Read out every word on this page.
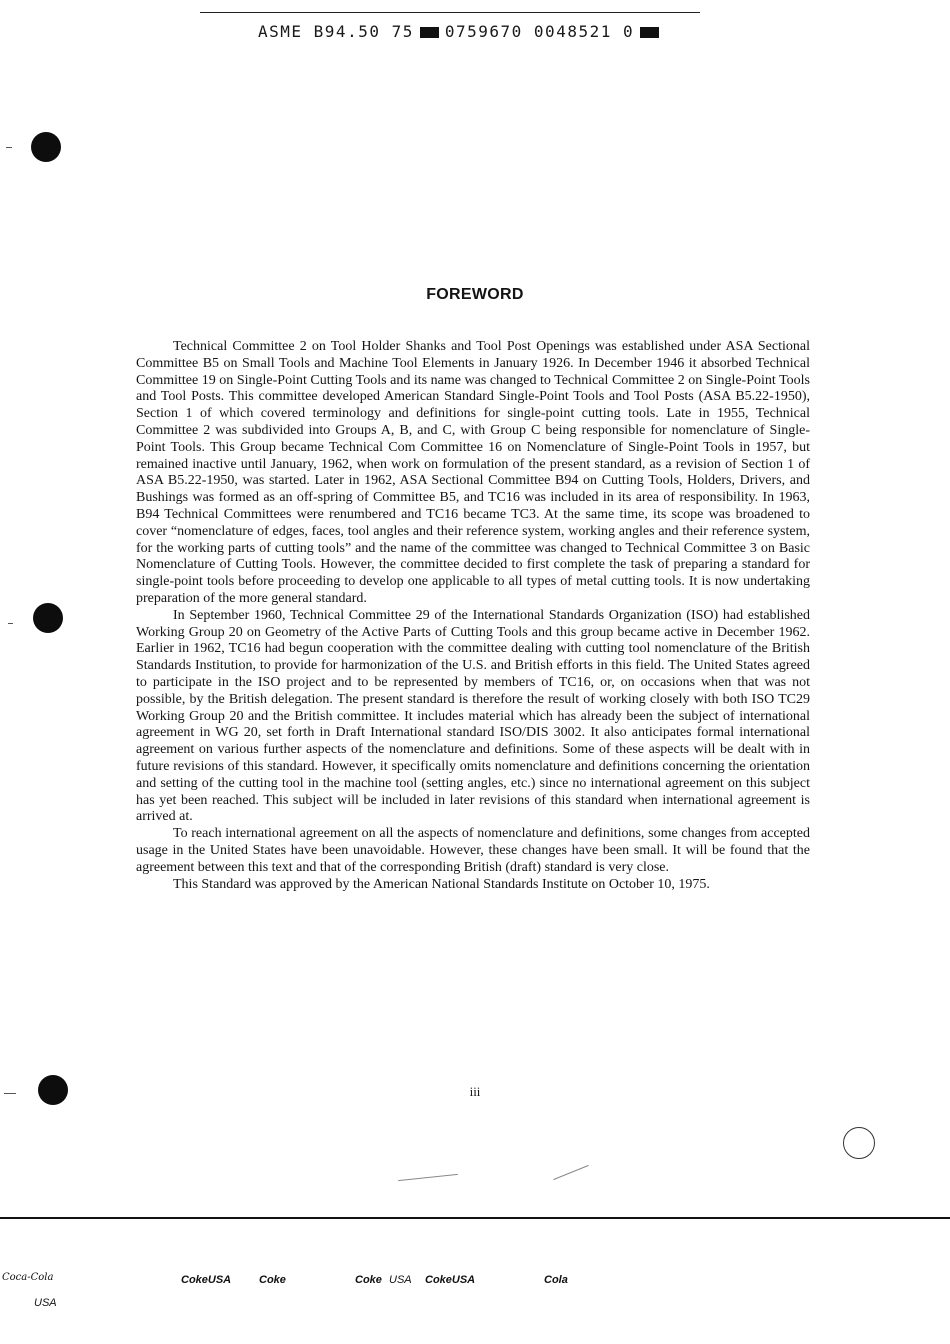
ASME B94.50 75 0759670 0048521 0
FOREWORD

Technical Committee 2 on Tool Holder Shanks and Tool Post Openings was established under ASA Sectional Committee B5 on Small Tools and Machine Tool Elements in January 1926. In December 1946 it absorbed Technical Committee 19 on Single-Point Cutting Tools and its name was changed to Technical Committee 2 on Single-Point Tools and Tool Posts. This committee developed American Standard Single-Point Tools and Tool Posts (ASA B5.22-1950), Section 1 of which covered terminology and definitions for single-point cutting tools. Late in 1955, Technical Committee 2 was subdivided into Groups A, B, and C, with Group C being responsible for nomenclature of Single-Point Tools. This Group became Technical Com Committee 16 on Nomenclature of Single-Point Tools in 1957, but remained inactive until January, 1962, when work on formulation of the present standard, as a revision of Section 1 of ASA B5.22-1950, was started. Later in 1962, ASA Sectional Committee B94 on Cutting Tools, Holders, Drivers, and Bushings was formed as an off-spring of Committee B5, and TC16 was included in its area of responsibility. In 1963, B94 Technical Committees were renumbered and TC16 became TC3. At the same time, its scope was broadened to cover “nomenclature of edges, faces, tool angles and their reference system, working angles and their reference system, for the working parts of cutting tools” and the name of the committee was changed to Technical Committee 3 on Basic Nomenclature of Cutting Tools. However, the committee decided to first complete the task of preparing a standard for single-point tools before proceeding to develop one applicable to all types of metal cutting tools. It is now undertaking preparation of the more general standard.

In September 1960, Technical Committee 29 of the International Standards Organization (ISO) had established Working Group 20 on Geometry of the Active Parts of Cutting Tools and this group became active in December 1962. Earlier in 1962, TC16 had begun cooperation with the committee dealing with cutting tool nomenclature of the British Standards Institution, to provide for harmonization of the U.S. and British efforts in this field. The United States agreed to participate in the ISO project and to be represented by members of TC16, or, on occasions when that was not possible, by the British delegation. The present standard is therefore the result of working closely with both ISO TC29 Working Group 20 and the British committee. It includes material which has already been the subject of international agreement in WG 20, set forth in Draft International standard ISO/DIS 3002. It also anticipates formal international agreement on various further aspects of the nomenclature and definitions. Some of these aspects will be dealt with in future revisions of this standard. However, it specifically omits nomenclature and definitions concerning the orientation and setting of the cutting tool in the machine tool (setting angles, etc.) since no international agreement on this subject has yet been reached. This subject will be included in later revisions of this standard when international agreement is arrived at.

To reach international agreement on all the aspects of nomenclature and definitions, some changes from accepted usage in the United States have been unavoidable. However, these changes have been small. It will be found that the agreement between this text and that of the corresponding British (draft) standard is very close.

This Standard was approved by the American National Standards Institute on October 10, 1975.

iii
Coca-Cola
USA
CokeUSA	Coke	Coke USA CokeUSA	Cola
